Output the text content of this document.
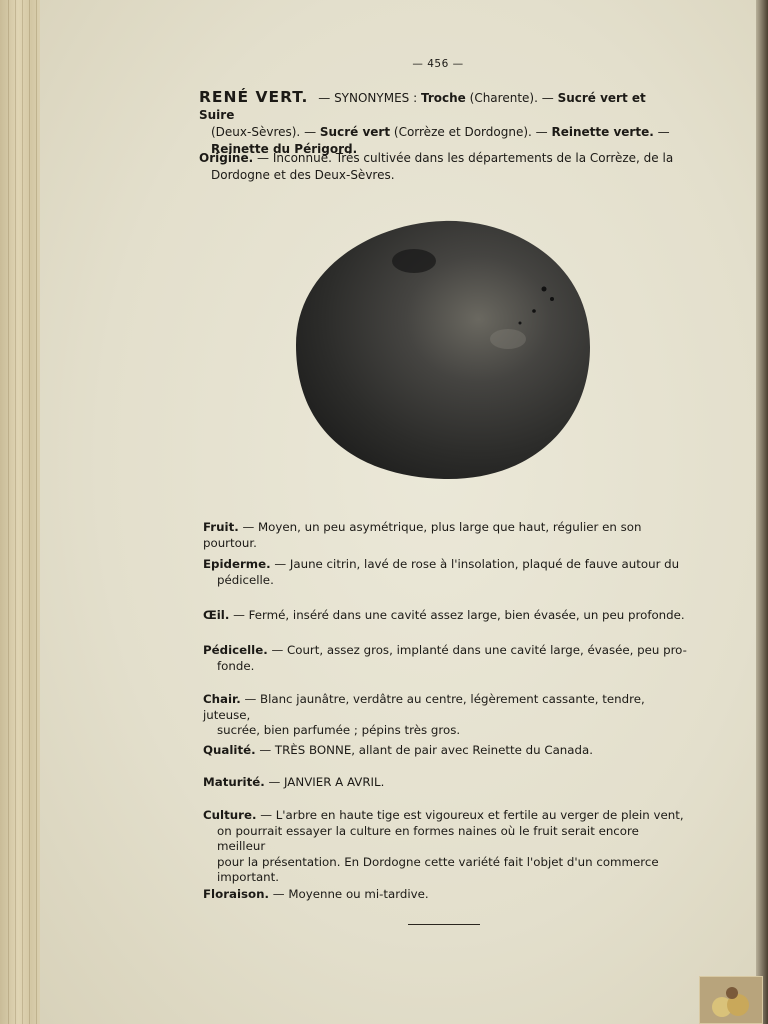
— 456 —
RENÉ VERT. — SYNONYMES : Troche (Charente). — Sucré vert et Suire
(Deux-Sèvres). — Sucré vert (Corrèze et Dordogne). — Reinette verte. —
Reinette du Périgord.
Origine. — Inconnue. Très cultivée dans les départements de la Corrèze, de la
Dordogne et des Deux-Sèvres.
Fruit. — Moyen, un peu asymétrique, plus large que haut, régulier en son pourtour.
Epiderme. — Jaune citrin, lavé de rose à l'insolation, plaqué de fauve autour du
pédicelle.
Œil. — Fermé, inséré dans une cavité assez large, bien évasée, un peu profonde.
Pédicelle. — Court, assez gros, implanté dans une cavité large, évasée, peu pro-
fonde.
Chair. — Blanc jaunâtre, verdâtre au centre, légèrement cassante, tendre, juteuse,
sucrée, bien parfumée ; pépins très gros.
Qualité. — TRÈS BONNE, allant de pair avec Reinette du Canada.
Maturité. — JANVIER A AVRIL.
Culture. — L'arbre en haute tige est vigoureux et fertile au verger de plein vent,
on pourrait essayer la culture en formes naines où le fruit serait encore meilleur
pour la présentation. En Dordogne cette variété fait l'objet d'un commerce
important.
Floraison. — Moyenne ou mi-tardive.
